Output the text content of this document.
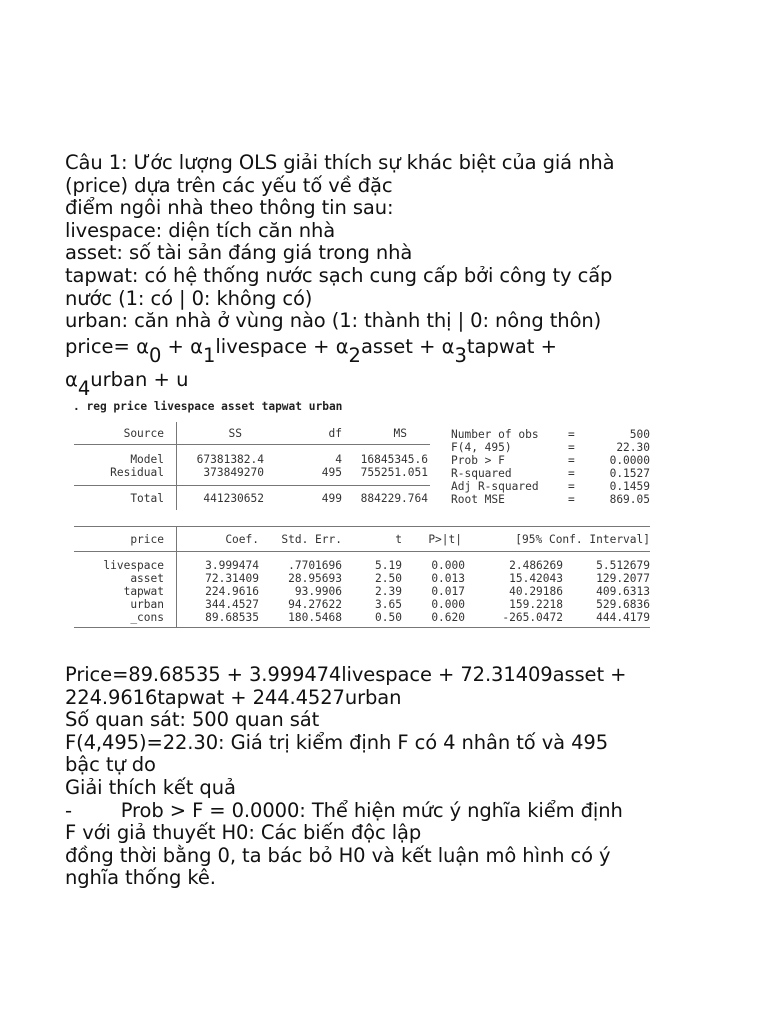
Câu 1: Ước lượng OLS giải thích sự khác biệt của giá nhà
(price) dựa trên các yếu tố về đặc
điểm ngôi nhà theo thông tin sau:
livespace: diện tích căn nhà
asset: số tài sản đáng giá trong nhà
tapwat: có hệ thống nước sạch cung cấp bởi công ty cấp
nước (1: có | 0: không có)
urban: căn nhà ở vùng nào (1: thành thị | 0: nông thôn)
price= α0 + α1livespace + α2asset + α3tapwat +
α4urban + u
. reg price livespace asset tapwat urban
Source	SS	df	MS
Model	67381382.4	4 16845345.6
Residual	373849270	495 755251.051
Total	441230652	499 884229.764
Number of obs	=	500
F(4, 495)	=	22.30
Prob > F	=	0.0000
R-squared	=	0.1527
Adj R-squared	=	0.1459
Root MSE	=	869.05
price	Coef. Std. Err.	t P>|t|	[95% Conf. Interval]
livespace	3.999474	.7701696	5.19	0.000	2.486269	5.512679
asset	72.31409	28.95693	2.50	0.013	15.42043	129.2077
tapwat	224.9616	93.9906	2.39	0.017	40.29186	409.6313
urban	344.4527	94.27622	3.65	0.000	159.2218	529.6836
_cons	89.68535	180.5468	0.50	0.620	-265.0472	444.4179
Price=89.68535 + 3.999474livespace + 72.31409asset +
224.9616tapwat + 244.4527urban
Số quan sát: 500 quan sát
F(4,495)=22.30: Giá trị kiểm định F có 4 nhân tố và 495
bậc tự do
Giải thích kết quả
-        Prob > F = 0.0000: Thể hiện mức ý nghĩa kiểm định
F với giả thuyết H0: Các biến độc lập
đồng thời bằng 0, ta bác bỏ H0 và kết luận mô hình có ý
nghĩa thống kê.
